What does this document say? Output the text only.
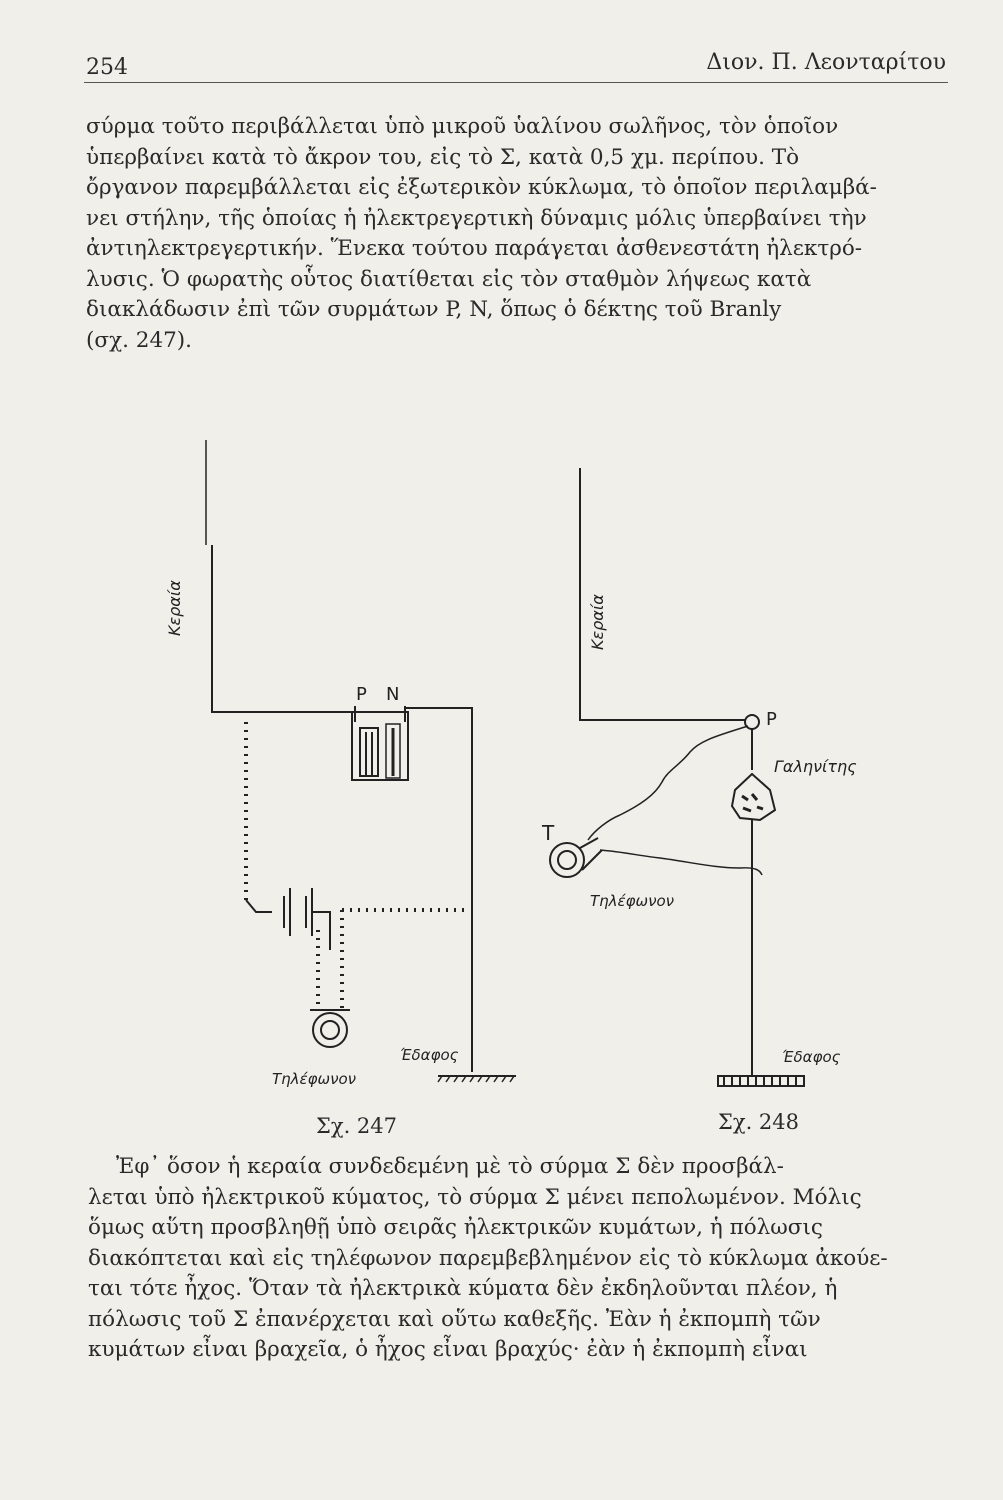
254	Διον. Π. Λεονταρίτου
σύρμα τοῦτο περιβάλλεται ὑπὸ μικροῦ ὑαλίνου σωλῆνος, τὸν ὁποῖον
ὑπερβαίνει κατὰ τὸ ἄκρον του, εἰς τὸ Σ, κατὰ 0,5 χμ. περίπου. Τὸ
ὄργανον παρεμβάλλεται εἰς ἐξωτερικὸν κύκλωμα, τὸ ὁποῖον περιλαμβά-
νει στήλην, τῆς ὁποίας ἡ ἠλεκτρεγερτικὴ δύναμις μόλις ὑπερβαίνει τὴν
ἀντιηλεκτρεγερτικήν. Ἕνεκα τούτου παράγεται ἀσθενεστάτη ἠλεκτρό-
λυσις. Ὁ φωρατὴς οὗτος διατίθεται εἰς τὸν σταθμὸν λήψεως κατὰ
διακλάδωσιν ἐπὶ τῶν συρμάτων P, N, ὅπως ὁ δέκτης τοῦ Branly
(σχ. 247).
Κεραία
P N
Τηλέφωνον
Έδαφος
Κεραία
P
Γαληνίτης
T
Τηλέφωνον
Έδαφος
Σχ. 247	Σχ. 248
Ἐφ᾽ ὅσον ἡ κεραία συνδεδεμένη μὲ τὸ σύρμα Σ δὲν προσβάλ-
λεται ὑπὸ ἠλεκτρικοῦ κύματος, τὸ σύρμα Σ μένει πεπολωμένον. Μόλις
ὅμως αὕτη προσβληθῇ ὑπὸ σειρᾶς ἠλεκτρικῶν κυμάτων, ἡ πόλωσις
διακόπτεται καὶ εἰς τηλέφωνον παρεμβεβλημένον εἰς τὸ κύκλωμα ἀκούε-
ται τότε ἦχος. Ὅταν τὰ ἠλεκτρικὰ κύματα δὲν ἐκδηλοῦνται πλέον, ἡ
πόλωσις τοῦ Σ ἐπανέρχεται καὶ οὕτω καθεξῆς. Ἐὰν ἡ ἐκπομπὴ τῶν
κυμάτων εἶναι βραχεῖα, ὁ ἦχος εἶναι βραχύς· ἐὰν ἡ ἐκπομπὴ εἶναι
